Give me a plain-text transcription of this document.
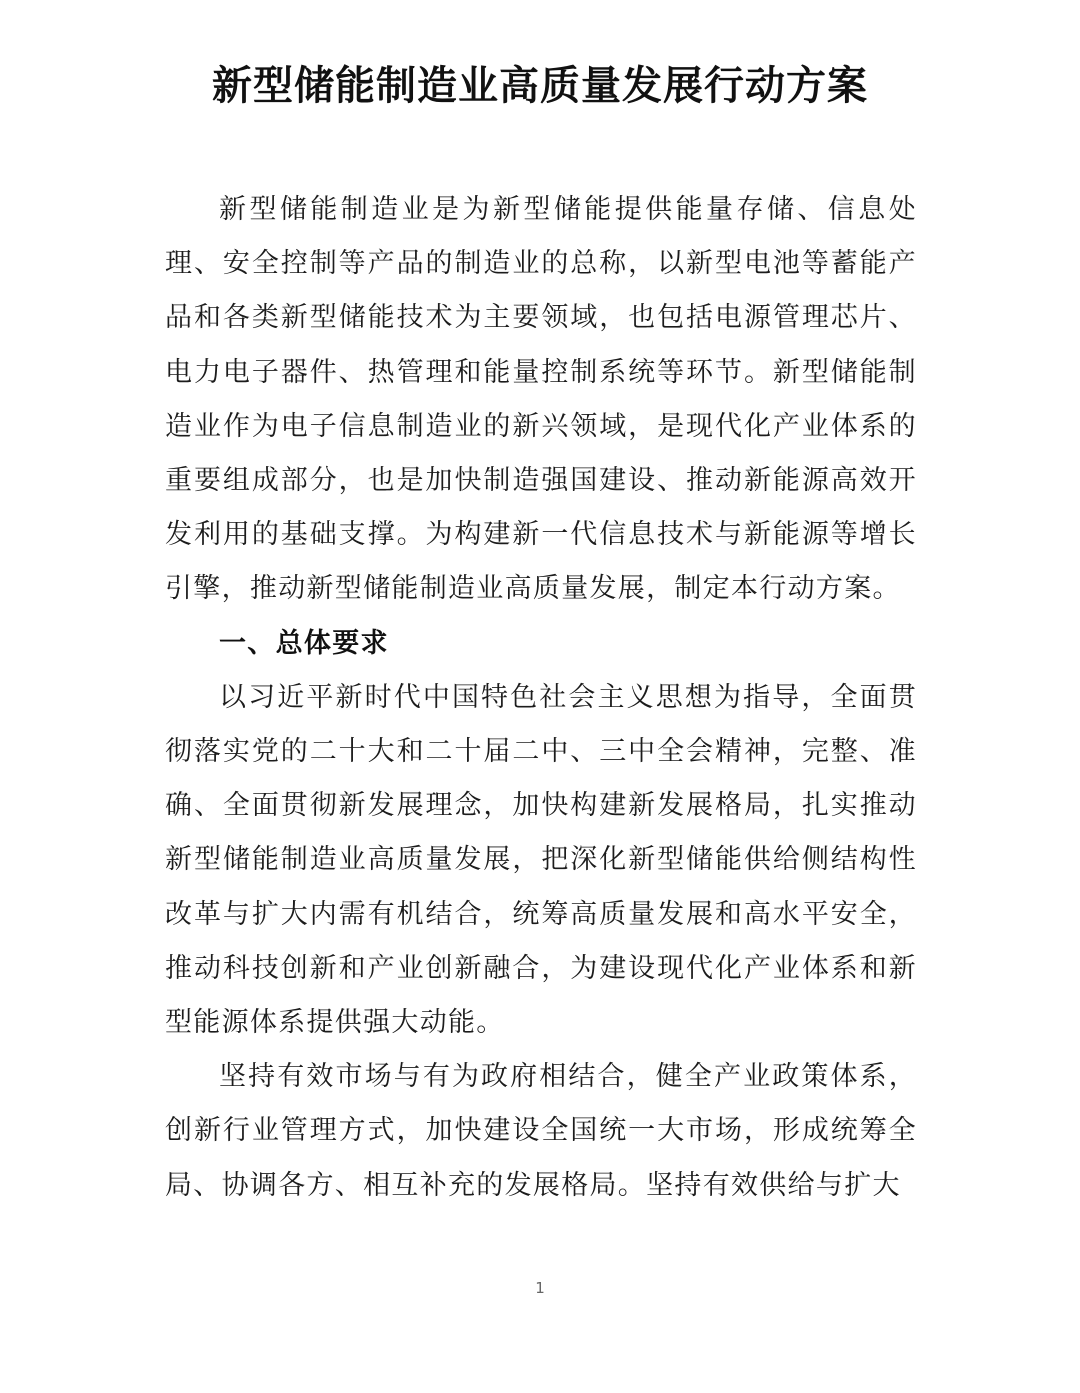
新型储能制造业高质量发展行动方案

新型储能制造业是为新型储能提供能量存储、信息处理、安全控制等产品的制造业的总称，以新型电池等蓄能产品和各类新型储能技术为主要领域，也包括电源管理芯片、电力电子器件、热管理和能量控制系统等环节。新型储能制造业作为电子信息制造业的新兴领域，是现代化产业体系的重要组成部分，也是加快制造强国建设、推动新能源高效开发利用的基础支撑。为构建新一代信息技术与新能源等增长引擎，推动新型储能制造业高质量发展，制定本行动方案。

一、总体要求

以习近平新时代中国特色社会主义思想为指导，全面贯彻落实党的二十大和二十届二中、三中全会精神，完整、准确、全面贯彻新发展理念，加快构建新发展格局，扎实推动新型储能制造业高质量发展，把深化新型储能供给侧结构性改革与扩大内需有机结合，统筹高质量发展和高水平安全，推动科技创新和产业创新融合，为建设现代化产业体系和新型能源体系提供强大动能。

坚持有效市场与有为政府相结合，健全产业政策体系，创新行业管理方式，加快建设全国统一大市场，形成统筹全局、协调各方、相互补充的发展格局。坚持有效供给与扩大

1
